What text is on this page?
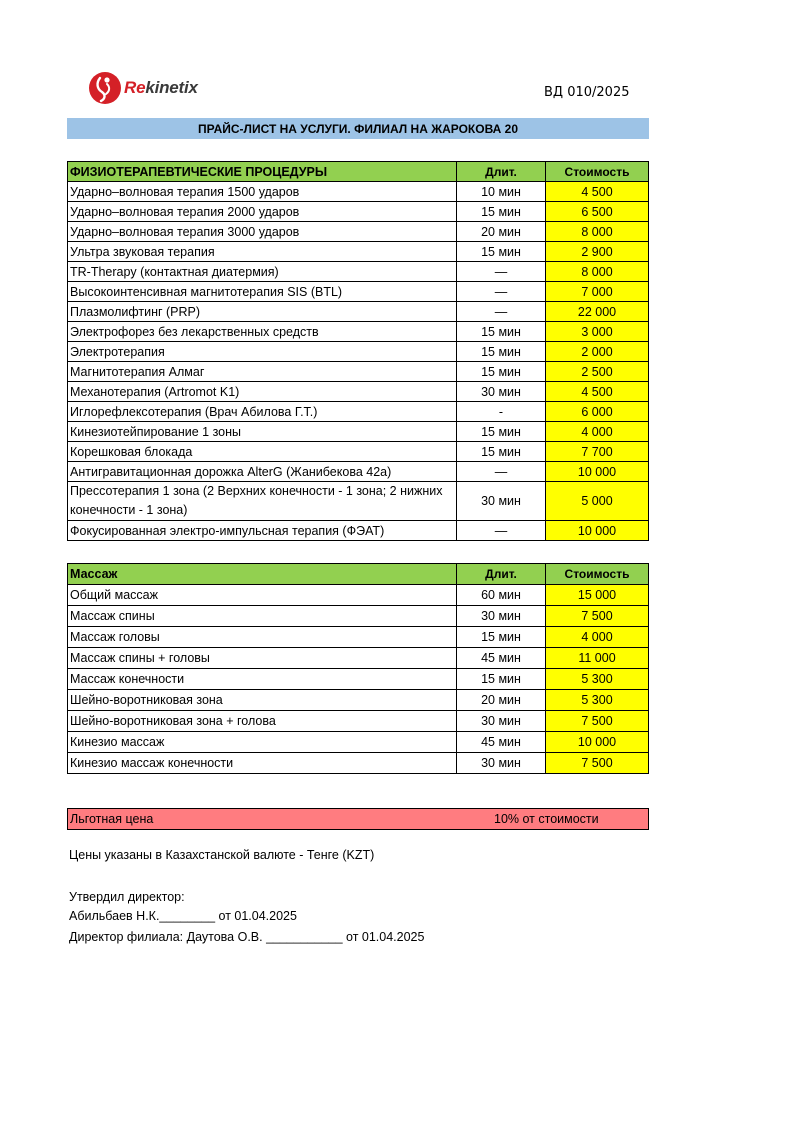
Rekinetix	ВД 010/2025
ПРАЙС-ЛИСТ НА УСЛУГИ. ФИЛИАЛ НА ЖАРОКОВА 20
ФИЗИОТЕРАПЕВТИЧЕСКИЕ ПРОЦЕДУРЫ	Длит.	Стоимость
Ударно–волновая терапия 1500 ударов	10 мин	4 500
Ударно–волновая терапия 2000 ударов	15 мин	6 500
Ударно–волновая терапия 3000 ударов	20 мин	8 000
Ультра звуковая терапия	15 мин	2 900
TR-Therapy (контактная диатермия)	—	8 000
Высокоинтенсивная магнитотерапия SIS (BTL)	—	7 000
Плазмолифтинг (PRP)	—	22 000
Электрофорез без лекарственных средств	15 мин	3 000
Электротерапия	15 мин	2 000
Магнитотерапия Алмаг	15 мин	2 500
Механотерапия (Artromot K1)	30 мин	4 500
Иглорефлексотерапия (Врач Абилова Г.Т.)	-	6 000
Кинезиотейпирование 1 зоны	15 мин	4 000
Корешковая блокада	15 мин	7 700
Антигравитационная дорожка AlterG (Жанибекова 42а)	—	10 000
Прессотерапия 1 зона (2 Верхних конечности - 1 зона; 2 нижних конечности - 1 зона)	30 мин	5 000
Фокусированная электро-импульсная терапия (ФЭАТ)	—	10 000
Массаж	Длит.	Стоимость
Общий массаж	60 мин	15 000
Массаж спины	30 мин	7 500
Массаж головы	15 мин	4 000
Массаж спины + головы	45 мин	11 000
Массаж конечности	15 мин	5 300
Шейно-воротниковая зона	20 мин	5 300
Шейно-воротниковая зона + голова	30 мин	7 500
Кинезио массаж	45 мин	10 000
Кинезио массаж конечности	30 мин	7 500
Льготная цена	10% от стоимости
Цены указаны в Казахстанской валюте - Тенге (KZT)
Утвердил директор:
Абильбаев Н.К.________ от 01.04.2025
Директор филиала: Даутова О.В. ___________ от 01.04.2025
